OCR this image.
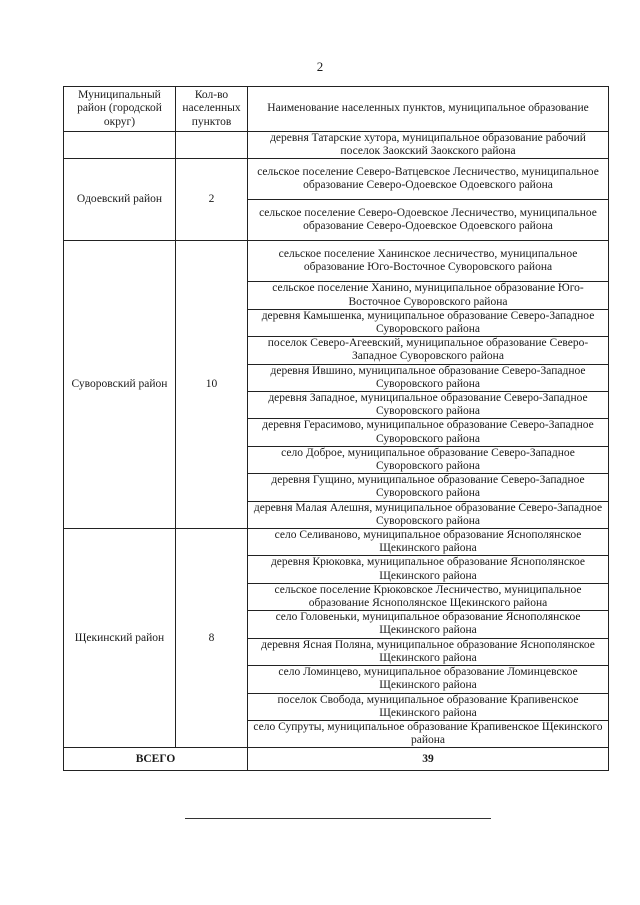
2
Муниципальный район (городской округ)	Кол-во населенных пунктов	Наименование населенных пунктов, муниципальное образование
		деревня Татарские хутора, муниципальное образование рабочий поселок Заокский Заокского района
Одоевский район	2	сельское поселение Северо-Ватцевское Лесничество, муниципальное образование Северо-Одоевское Одоевского района
		сельское поселение Северо-Одоевское Лесничество, муниципальное образование Северо-Одоевское Одоевского района
Суворовский район	10	сельское поселение Ханинское лесничество, муниципальное образование Юго-Восточное Суворовского района
		сельское поселение Ханино, муниципальное образование Юго-Восточное Суворовского района
		деревня Камышенка, муниципальное образование Северо-Западное Суворовского района
		поселок Северо-Агеевский, муниципальное образование Северо-Западное Суворовского района
		деревня Ившино, муниципальное образование Северо-Западное Суворовского района
		деревня Западное, муниципальное образование Северо-Западное Суворовского района
		деревня Герасимово, муниципальное образование Северо-Западное Суворовского района
		село Доброе, муниципальное образование Северо-Западное Суворовского района
		деревня Гущино, муниципальное образование Северо-Западное Суворовского района
		деревня Малая Алешня, муниципальное образование Северо-Западное Суворовского района
Щекинский район	8	село Селиваново, муниципальное образование Яснополянское Щекинского района
		деревня Крюковка, муниципальное образование Яснополянское Щекинского района
		сельское поселение Крюковское Лесничество, муниципальное образование Яснополянское Щекинского района
		село Головеньки, муниципальное образование Яснополянское Щекинского района
		деревня Ясная Поляна, муниципальное образование Яснополянское Щекинского района
		село Ломинцево, муниципальное образование Ломинцевское Щекинского района
		поселок Свобода, муниципальное образование Крапивенское Щекинского района
		село Супруты, муниципальное образование Крапивенское Щекинского района
ВСЕГО		39
